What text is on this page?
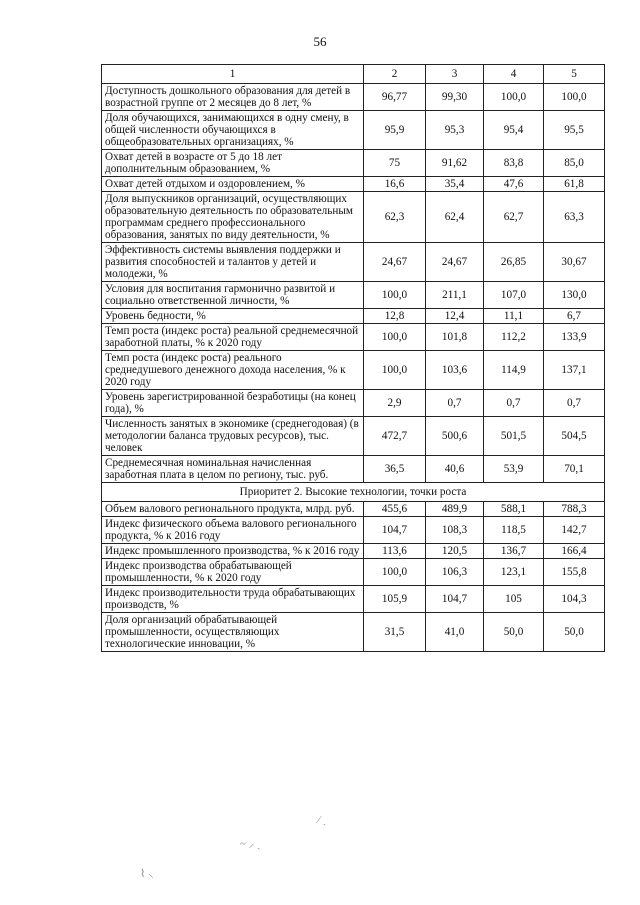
56
1	2	3	4	5
Доступность дошкольного образования для детей в возрастной группе от 2 месяцев до 8 лет, %	96,77	99,30	100,0	100,0
Доля обучающихся, занимающихся в одну смену, в общей численности обучающихся в общеобразовательных организациях, %	95,9	95,3	95,4	95,5
Охват детей в возрасте от 5 до 18 лет дополнительным образованием, %	75	91,62	83,8	85,0
Охват детей отдыхом и оздоровлением, %	16,6	35,4	47,6	61,8
Доля выпускников организаций, осуществляющих образовательную деятельность по образовательным программам среднего профессионального образования, занятых по виду деятельности, %	62,3	62,4	62,7	63,3
Эффективность системы выявления поддержки и развития способностей и талантов у детей и молодежи, %	24,67	24,67	26,85	30,67
Условия для воспитания гармонично развитой и социально ответственной личности, %	100,0	211,1	107,0	130,0
Уровень бедности, %	12,8	12,4	11,1	6,7
Темп роста (индекс роста) реальной среднемесячной заработной платы, % к 2020 году	100,0	101,8	112,2	133,9
Темп роста (индекс роста) реального среднедушевого денежного дохода населения, % к 2020 году	100,0	103,6	114,9	137,1
Уровень зарегистрированной безработицы (на конец года), %	2,9	0,7	0,7	0,7
Численность занятых в экономике (среднегодовая) (в методологии баланса трудовых ресурсов), тыс. человек	472,7	500,6	501,5	504,5
Среднемесячная номинальная начисленная заработная плата в целом по региону, тыс. руб.	36,5	40,6	53,9	70,1
Приоритет 2. Высокие технологии, точки роста				
Объем валового регионального продукта, млрд. руб.	455,6	489,9	588,1	788,3
Индекс физического объема валового регионального продукта, % к 2016 году	104,7	108,3	118,5	142,7
Индекс промышленного производства, % к 2016 году	113,6	120,5	136,7	166,4
Индекс производства обрабатывающей промышленности, % к 2020 году	100,0	106,3	123,1	155,8
Индекс производительности труда обрабатывающих производств, %	105,9	104,7	105	104,3
Доля организаций обрабатывающей промышленности, осуществляющих технологические инновации, %	31,5	41,0	50,0	50,0
⁄ ˎ
~ ⸝ ˏ
⌇ ⸜
